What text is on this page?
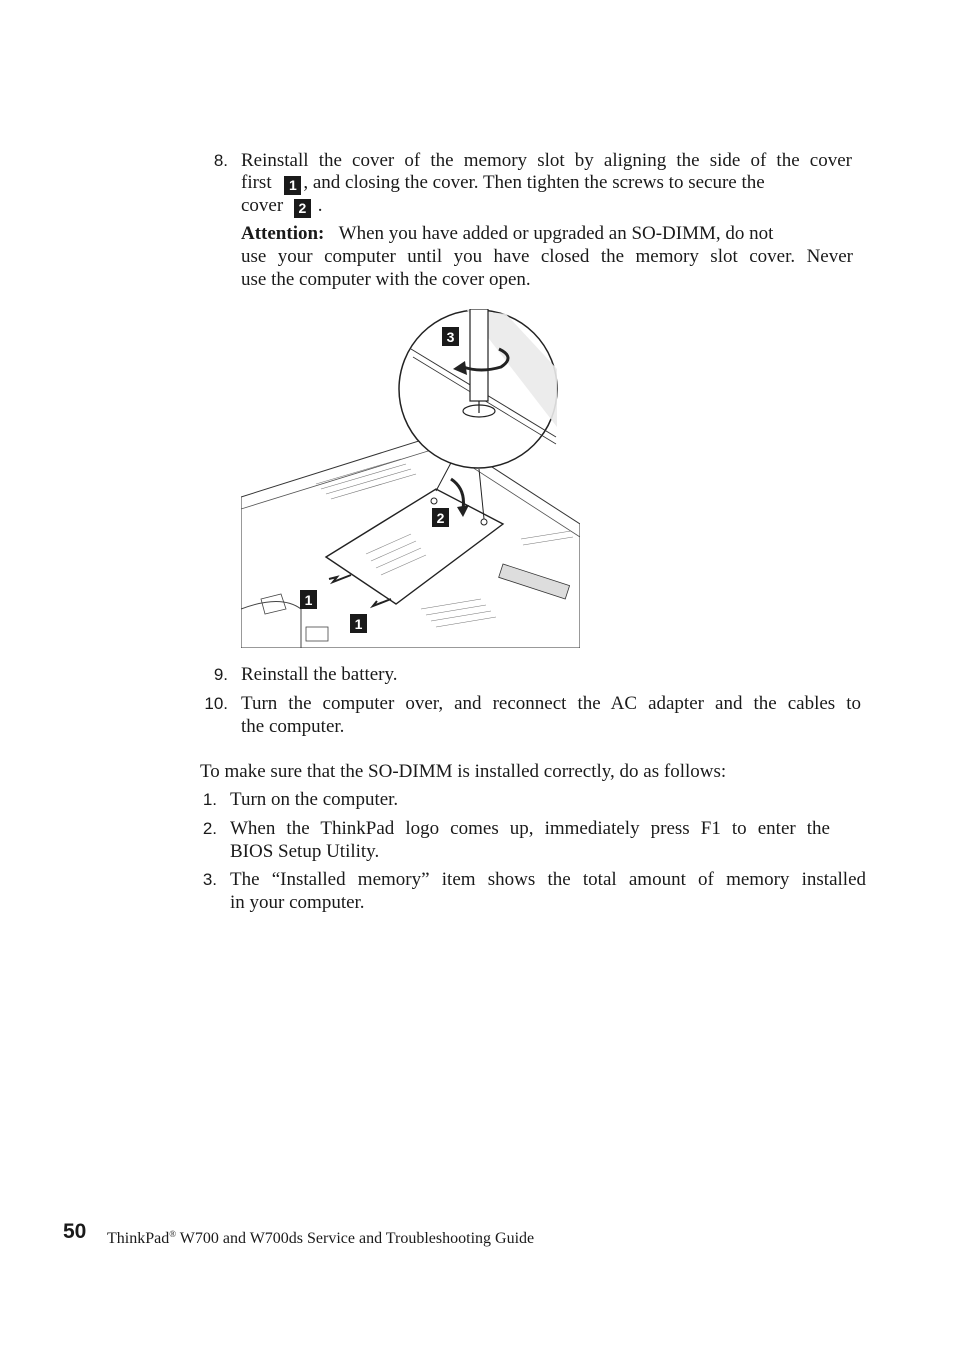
8. Reinstall the cover of the memory slot by aligning the side of the cover
first 1 , and closing the cover. Then tighten the screws to secure the
cover 2 .
Attention: When you have added or upgraded an SO-DIMM, do not
use your computer until you have closed the memory slot cover. Never
use the computer with the cover open.
3
2
1
1
9. Reinstall the battery.
10. Turn the computer over, and reconnect the AC adapter and the cables to
the computer.
To make sure that the SO-DIMM is installed correctly, do as follows:
1. Turn on the computer.
2. When the ThinkPad logo comes up, immediately press F1 to enter the
BIOS Setup Utility.
3. The “Installed memory” item shows the total amount of memory installed
in your computer.
50 ThinkPad® W700 and W700ds Service and Troubleshooting Guide
